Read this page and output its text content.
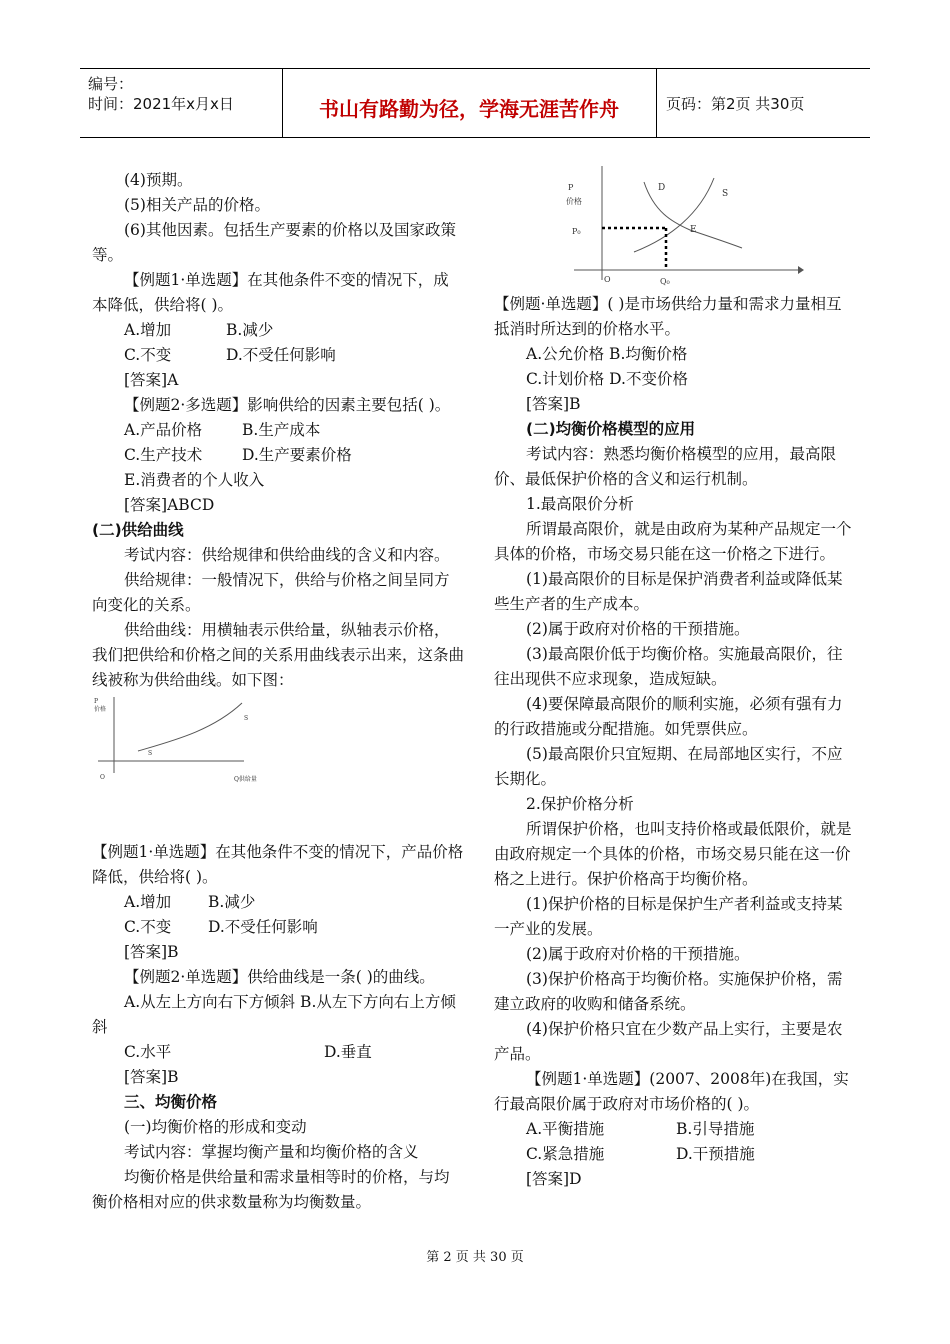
编号：
时间：2021年x月x日	书山有路勤为径，学海无涯苦作舟	页码：第2页 共30页

(4)预期。

(5)相关产品的价格。

(6)其他因素。包括生产要素的价格以及国家政策等。

【例题1·单选题】在其他条件不变的情况下，成本降低，供给将( )。

A.增加	B.减少
C.不变	D.不受任何影响

[答案]A

【例题2·多选题】影响供给的因素主要包括( )。

A.产品价格	B.生产成本
C.生产技术	D.生产要素价格

E.消费者的个人收入

[答案]ABCD

(二)供给曲线

考试内容：供给规律和供给曲线的含义和内容。

供给规律：一般情况下，供给与价格之间呈同方向变化的关系。

供给曲线：用横轴表示供给量，纵轴表示价格，我们把供给和价格之间的关系用曲线表示出来，这条曲线被称为供给曲线。如下图：

P
价格
O	Q供给量
S
S

【例题1·单选题】在其他条件不变的情况下，产品价格降低，供给将( )。

A.增加 B.减少
C.不变 D.不受任何影响

[答案]B

【例题2·单选题】供给曲线是一条( )的曲线。

A.从左上方向右下方倾斜 B.从左下方向右上方倾斜

C.水平	D.垂直

[答案]B

三、均衡价格

(一)均衡价格的形成和变动

考试内容：掌握均衡产量和均衡价格的含义

均衡价格是供给量和需求量相等时的价格，与均衡价格相对应的供求数量称为均衡数量。

P
价格
P₀
O	Q₀
D
S
E

【例题·单选题】( )是市场供给力量和需求力量相互抵消时所达到的价格水平。

A.公允价格 B.均衡价格

C.计划价格 D.不变价格

[答案]B

(二)均衡价格模型的应用

考试内容：熟悉均衡价格模型的应用，最高限价、最低保护价格的含义和运行机制。

1.最高限价分析

所谓最高限价，就是由政府为某种产品规定一个具体的价格，市场交易只能在这一价格之下进行。

(1)最高限价的目标是保护消费者利益或降低某些生产者的生产成本。

(2)属于政府对价格的干预措施。

(3)最高限价低于均衡价格。实施最高限价，往往出现供不应求现象，造成短缺。

(4)要保障最高限价的顺利实施，必须有强有力的行政措施或分配措施。如凭票供应。

(5)最高限价只宜短期、在局部地区实行，不应长期化。

2.保护价格分析

所谓保护价格，也叫支持价格或最低限价，就是由政府规定一个具体的价格，市场交易只能在这一价格之上进行。保护价格高于均衡价格。

(1)保护价格的目标是保护生产者利益或支持某一产业的发展。

(2)属于政府对价格的干预措施。

(3)保护价格高于均衡价格。实施保护价格，需建立政府的收购和储备系统。

(4)保护价格只宜在少数产品上实行，主要是农产品。

【例题1·单选题】(2007、2008年)在我国，实行最高限价属于政府对市场价格的( )。

A.平衡措施	B.引导措施
C.紧急措施	D.干预措施

[答案]D

第 2 页 共 30 页
